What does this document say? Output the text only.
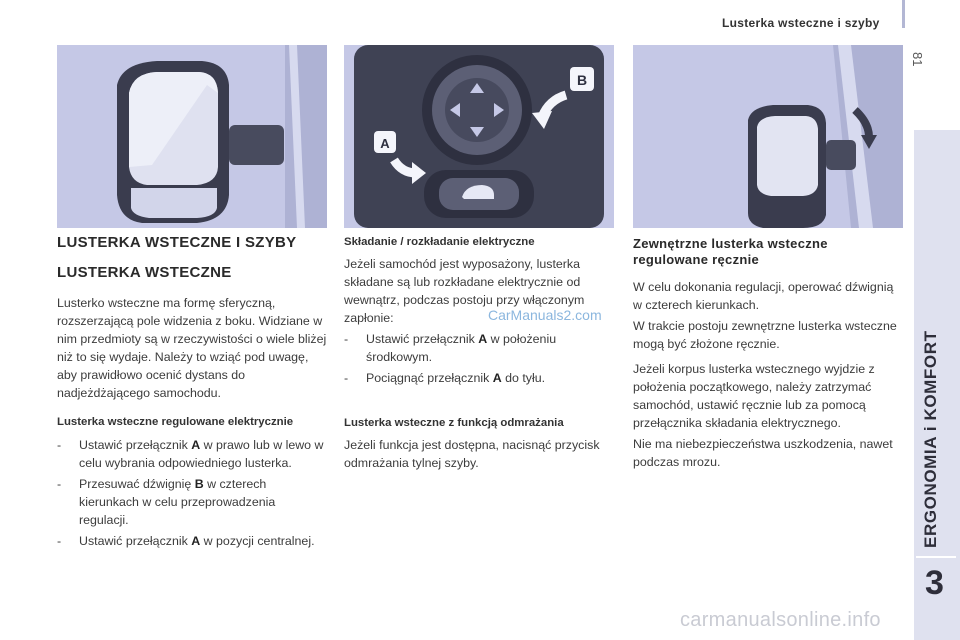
Lusterka wsteczne i szyby
81
ERGONOMIA i KOMFORT
3
B
A
LUSTERKA WSTECZNE I SZYBY
LUSTERKA WSTECZNE

Lusterko wsteczne ma formę sferyczną, rozszerzającą pole widzenia z boku. Widziane w nim przedmioty są w rzeczywistości o wiele bliżej niż to się wydaje. Należy to wziąć pod uwagę, aby prawidłowo ocenić dystans do nadjeżdżającego samochodu.

Lusterka wsteczne regulowane elektrycznie
- Ustawić przełącznik A w prawo lub w lewo w celu wybrania odpowiedniego lusterka.
- Przesuwać dźwignię B w czterech kierunkach w celu przeprowadzenia regulacji.
- Ustawić przełącznik A w pozycji centralnej.
Składanie / rozkładanie elektryczne

Jeżeli samochód jest wyposażony, lusterka składane są lub rozkładane elektrycznie od wewnątrz, podczas postoju przy włączonym zapłonie:

- Ustawić przełącznik A w położeniu środkowym.
- Pociągnąć przełącznik A do tyłu.
Lusterka wsteczne z funkcją odmrażania

Jeżeli funkcja jest dostępna, nacisnąć przycisk odmrażania tylnej szyby.

CarManuals2.com
Zewnętrzne lusterka wsteczne regulowane ręcznie

W celu dokonania regulacji, operować dźwignią w czterech kierunkach.

W trakcie postoju zewnętrzne lusterka wsteczne mogą być złożone ręcznie.

Jeżeli korpus lusterka wstecznego wyjdzie z położenia początkowego, należy zatrzymać samochód, ustawić ręcznie lub za pomocą przełącznika składania elektrycznego.

Nie ma niebezpieczeństwa uszkodzenia, nawet podczas mrozu.

carmanualsonline.info
